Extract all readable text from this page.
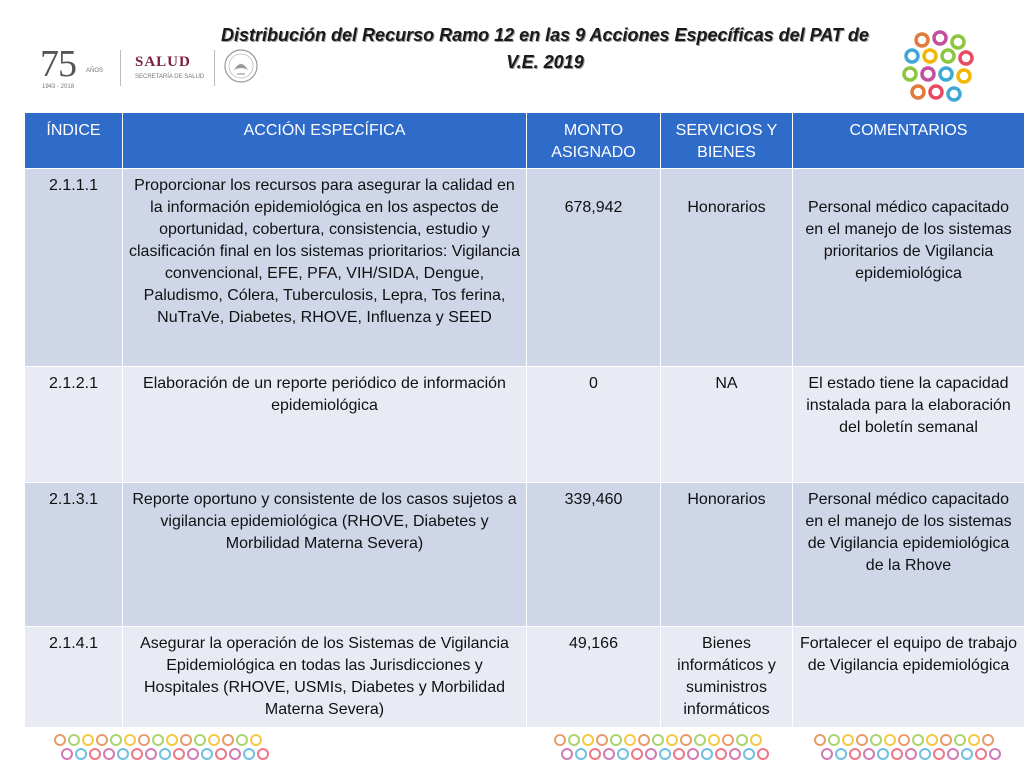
75 AÑOS
1943 - 2018
SALUD
SECRETARÍA DE SALUD
Distribución del Recurso Ramo 12 en las 9 Acciones Específicas del PAT de V.E. 2019
ÍNDICE	ACCIÓN ESPECÍFICA	MONTO ASIGNADO	SERVICIOS Y BIENES	COMENTARIOS
2.1.1.1	Proporcionar los recursos para asegurar la calidad en la información epidemiológica en los aspectos de oportunidad, cobertura, consistencia, estudio y clasificación final en los sistemas prioritarios: Vigilancia convencional, EFE, PFA, VIH/SIDA, Dengue, Paludismo, Cólera, Tuberculosis, Lepra, Tos ferina, NuTraVe, Diabetes, RHOVE, Influenza y SEED	678,942	Honorarios	Personal médico capacitado en el manejo de los sistemas prioritarios de Vigilancia epidemiológica
2.1.2.1	Elaboración de un reporte periódico de información epidemiológica	0	NA	El estado tiene la capacidad instalada para la elaboración del boletín semanal
2.1.3.1	Reporte oportuno y consistente de los casos sujetos a vigilancia epidemiológica (RHOVE, Diabetes y Morbilidad Materna Severa)	339,460	Honorarios	Personal médico capacitado en el manejo de los sistemas de Vigilancia epidemiológica de la Rhove
2.1.4.1	Asegurar la operación de los Sistemas de Vigilancia Epidemiológica en todas las Jurisdicciones y Hospitales (RHOVE, USMIs, Diabetes y Morbilidad Materna Severa)	49,166	Bienes informáticos y suministros informáticos	Fortalecer el equipo de trabajo de Vigilancia epidemiológica
